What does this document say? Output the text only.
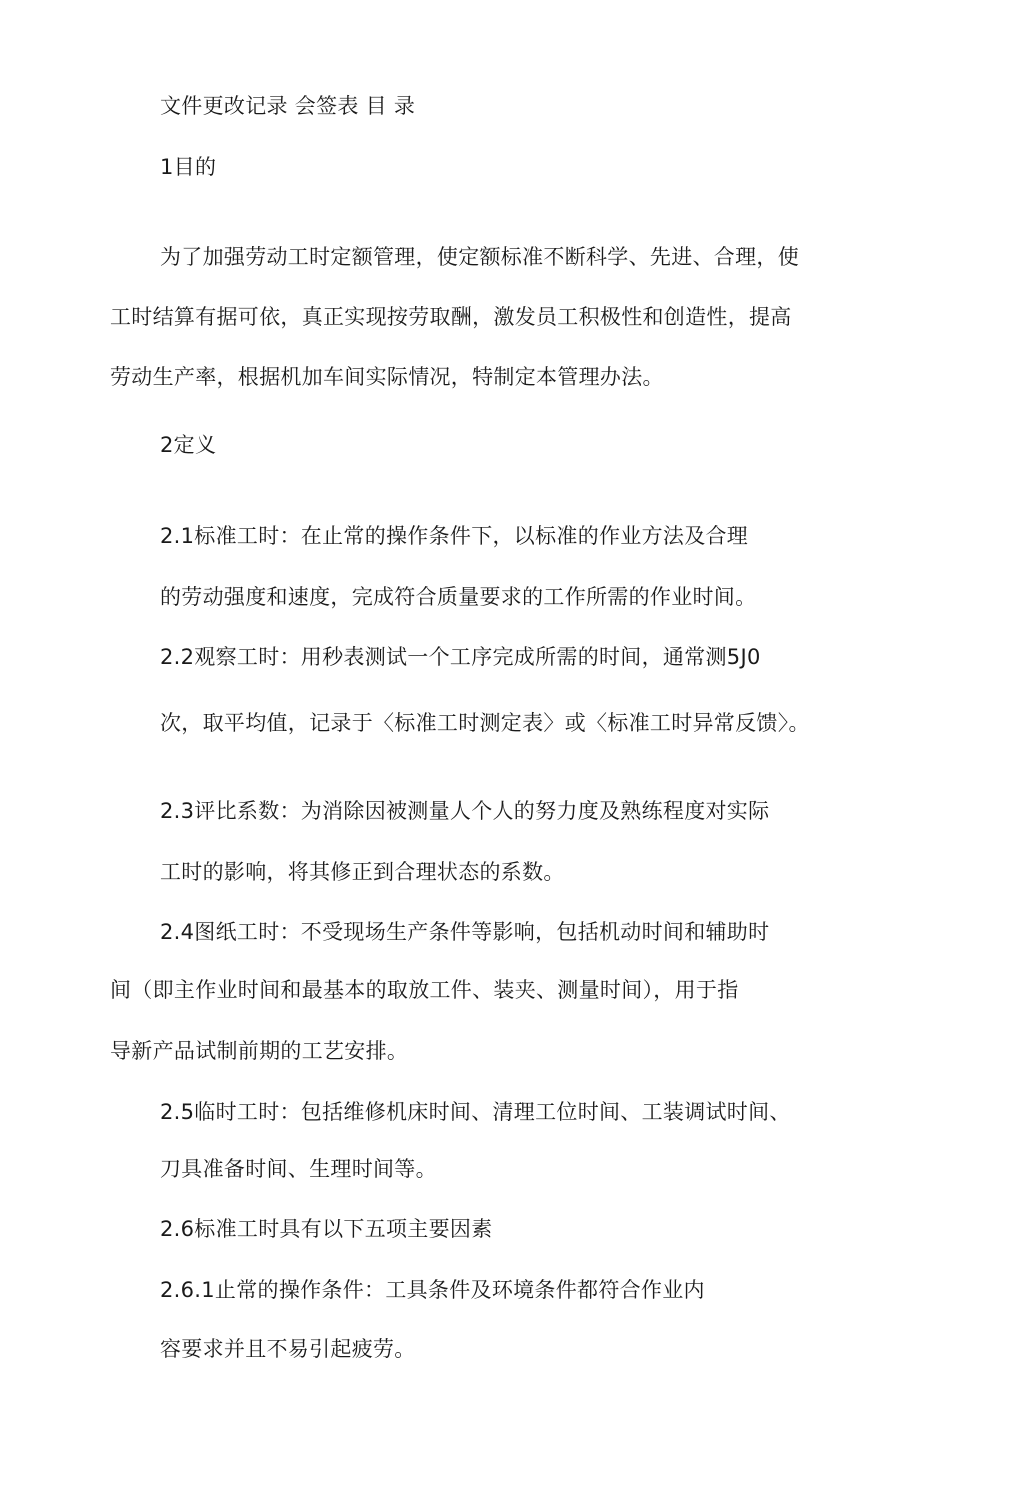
文件更改记录 会签表 目 录
1目的
为了加强劳动工时定额管理，使定额标准不断科学、先进、合理，使
工时结算有据可依，真正实现按劳取酬，激发员工积极性和创造性，提高
劳动生产率，根据机加车间实际情况，特制定本管理办法。
2定义
2.1标准工时：在止常的操作条件下，以标准的作业方法及合理
的劳动强度和速度，完成符合质量要求的工作所需的作业时间。
2.2观察工时：用秒表测试一个工序完成所需的时间，通常测5J0
次，取平均值，记录于〈标准工时测定表〉或〈标准工时异常反馈〉。
2.3评比系数：为消除因被测量人个人的努力度及熟练程度对实际
工时的影响，将其修正到合理状态的系数。
2.4图纸工时：不受现场生产条件等影响，包括机动时间和辅助时
间（即主作业时间和最基本的取放工件、装夹、测量时间），用于指
导新产品试制前期的工艺安排。
2.5临时工时：包括维修机床时间、清理工位时间、工装调试时间、
刀具准备时间、生理时间等。
2.6标准工时具有以下五项主要因素
2.6.1止常的操作条件：工具条件及环境条件都符合作业内
容要求并且不易引起疲劳。
